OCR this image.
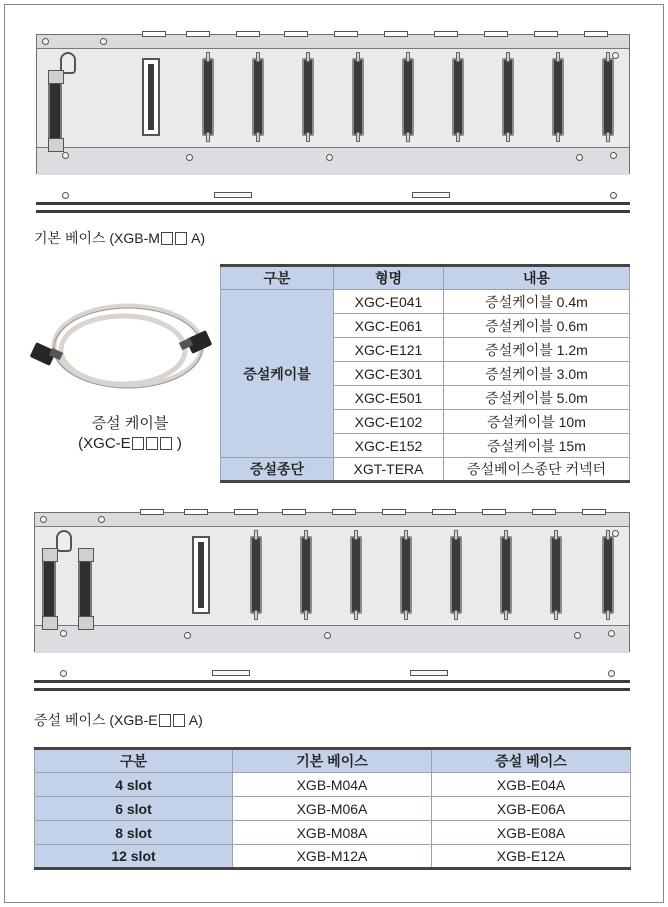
기본 베이스 (XGB-M A)
증설 케이블
(XGC-E	)
구분	형명	내용
증설케이블	XGC-E041	증설케이블 0.4m
	XGC-E061	증설케이블 0.6m
	XGC-E121	증설케이블 1.2m
	XGC-E301	증설케이블 3.0m
	XGC-E501	증설케이블 5.0m
	XGC-E102	증설케이블 10m
	XGC-E152	증설케이블 15m
증설종단	XGT-TERA	증설베이스종단 커넥터
증설 베이스 (XGB-E A)
구분	기본 베이스	증설 베이스
4 slot	XGB-M04A	XGB-E04A
6 slot	XGB-M06A	XGB-E06A
8 slot	XGB-M08A	XGB-E08A
12 slot	XGB-M12A	XGB-E12A
